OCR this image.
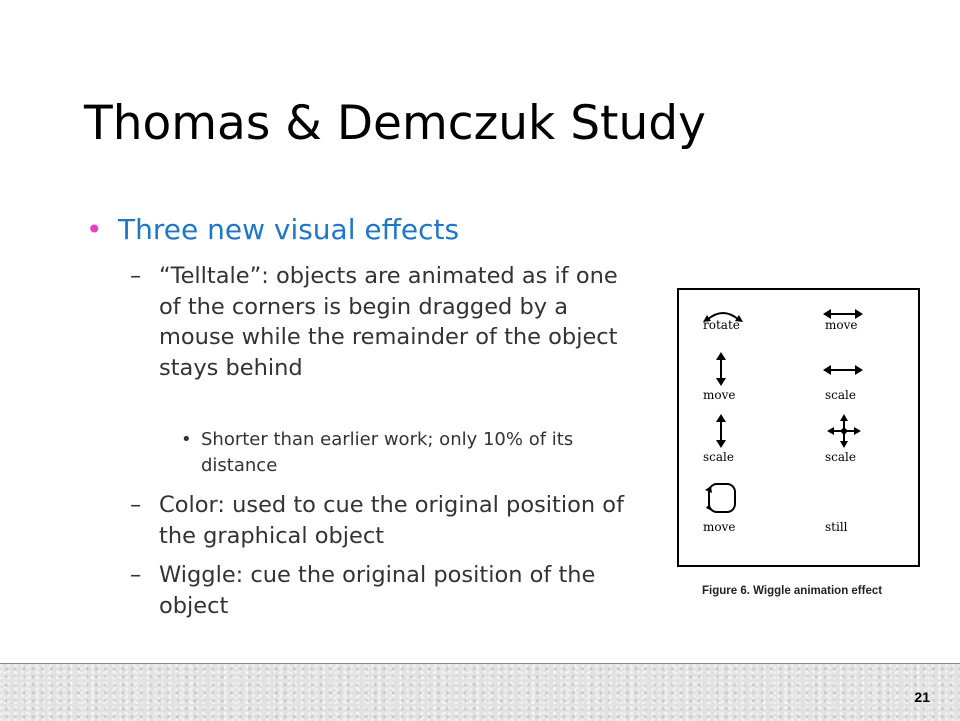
Thomas & Demczuk Study
• Three new visual effects
– “Telltale”: objects are animated as if one of the corners is begin dragged by a mouse while the remainder of the object stays behind
• Shorter than earlier work; only 10% of its distance
– Color: used to cue the original position of the graphical object
– Wiggle: cue the original position of the object
rotate	move
move	scale
scale	scale
move	still
Figure 6. Wiggle animation effect
21
